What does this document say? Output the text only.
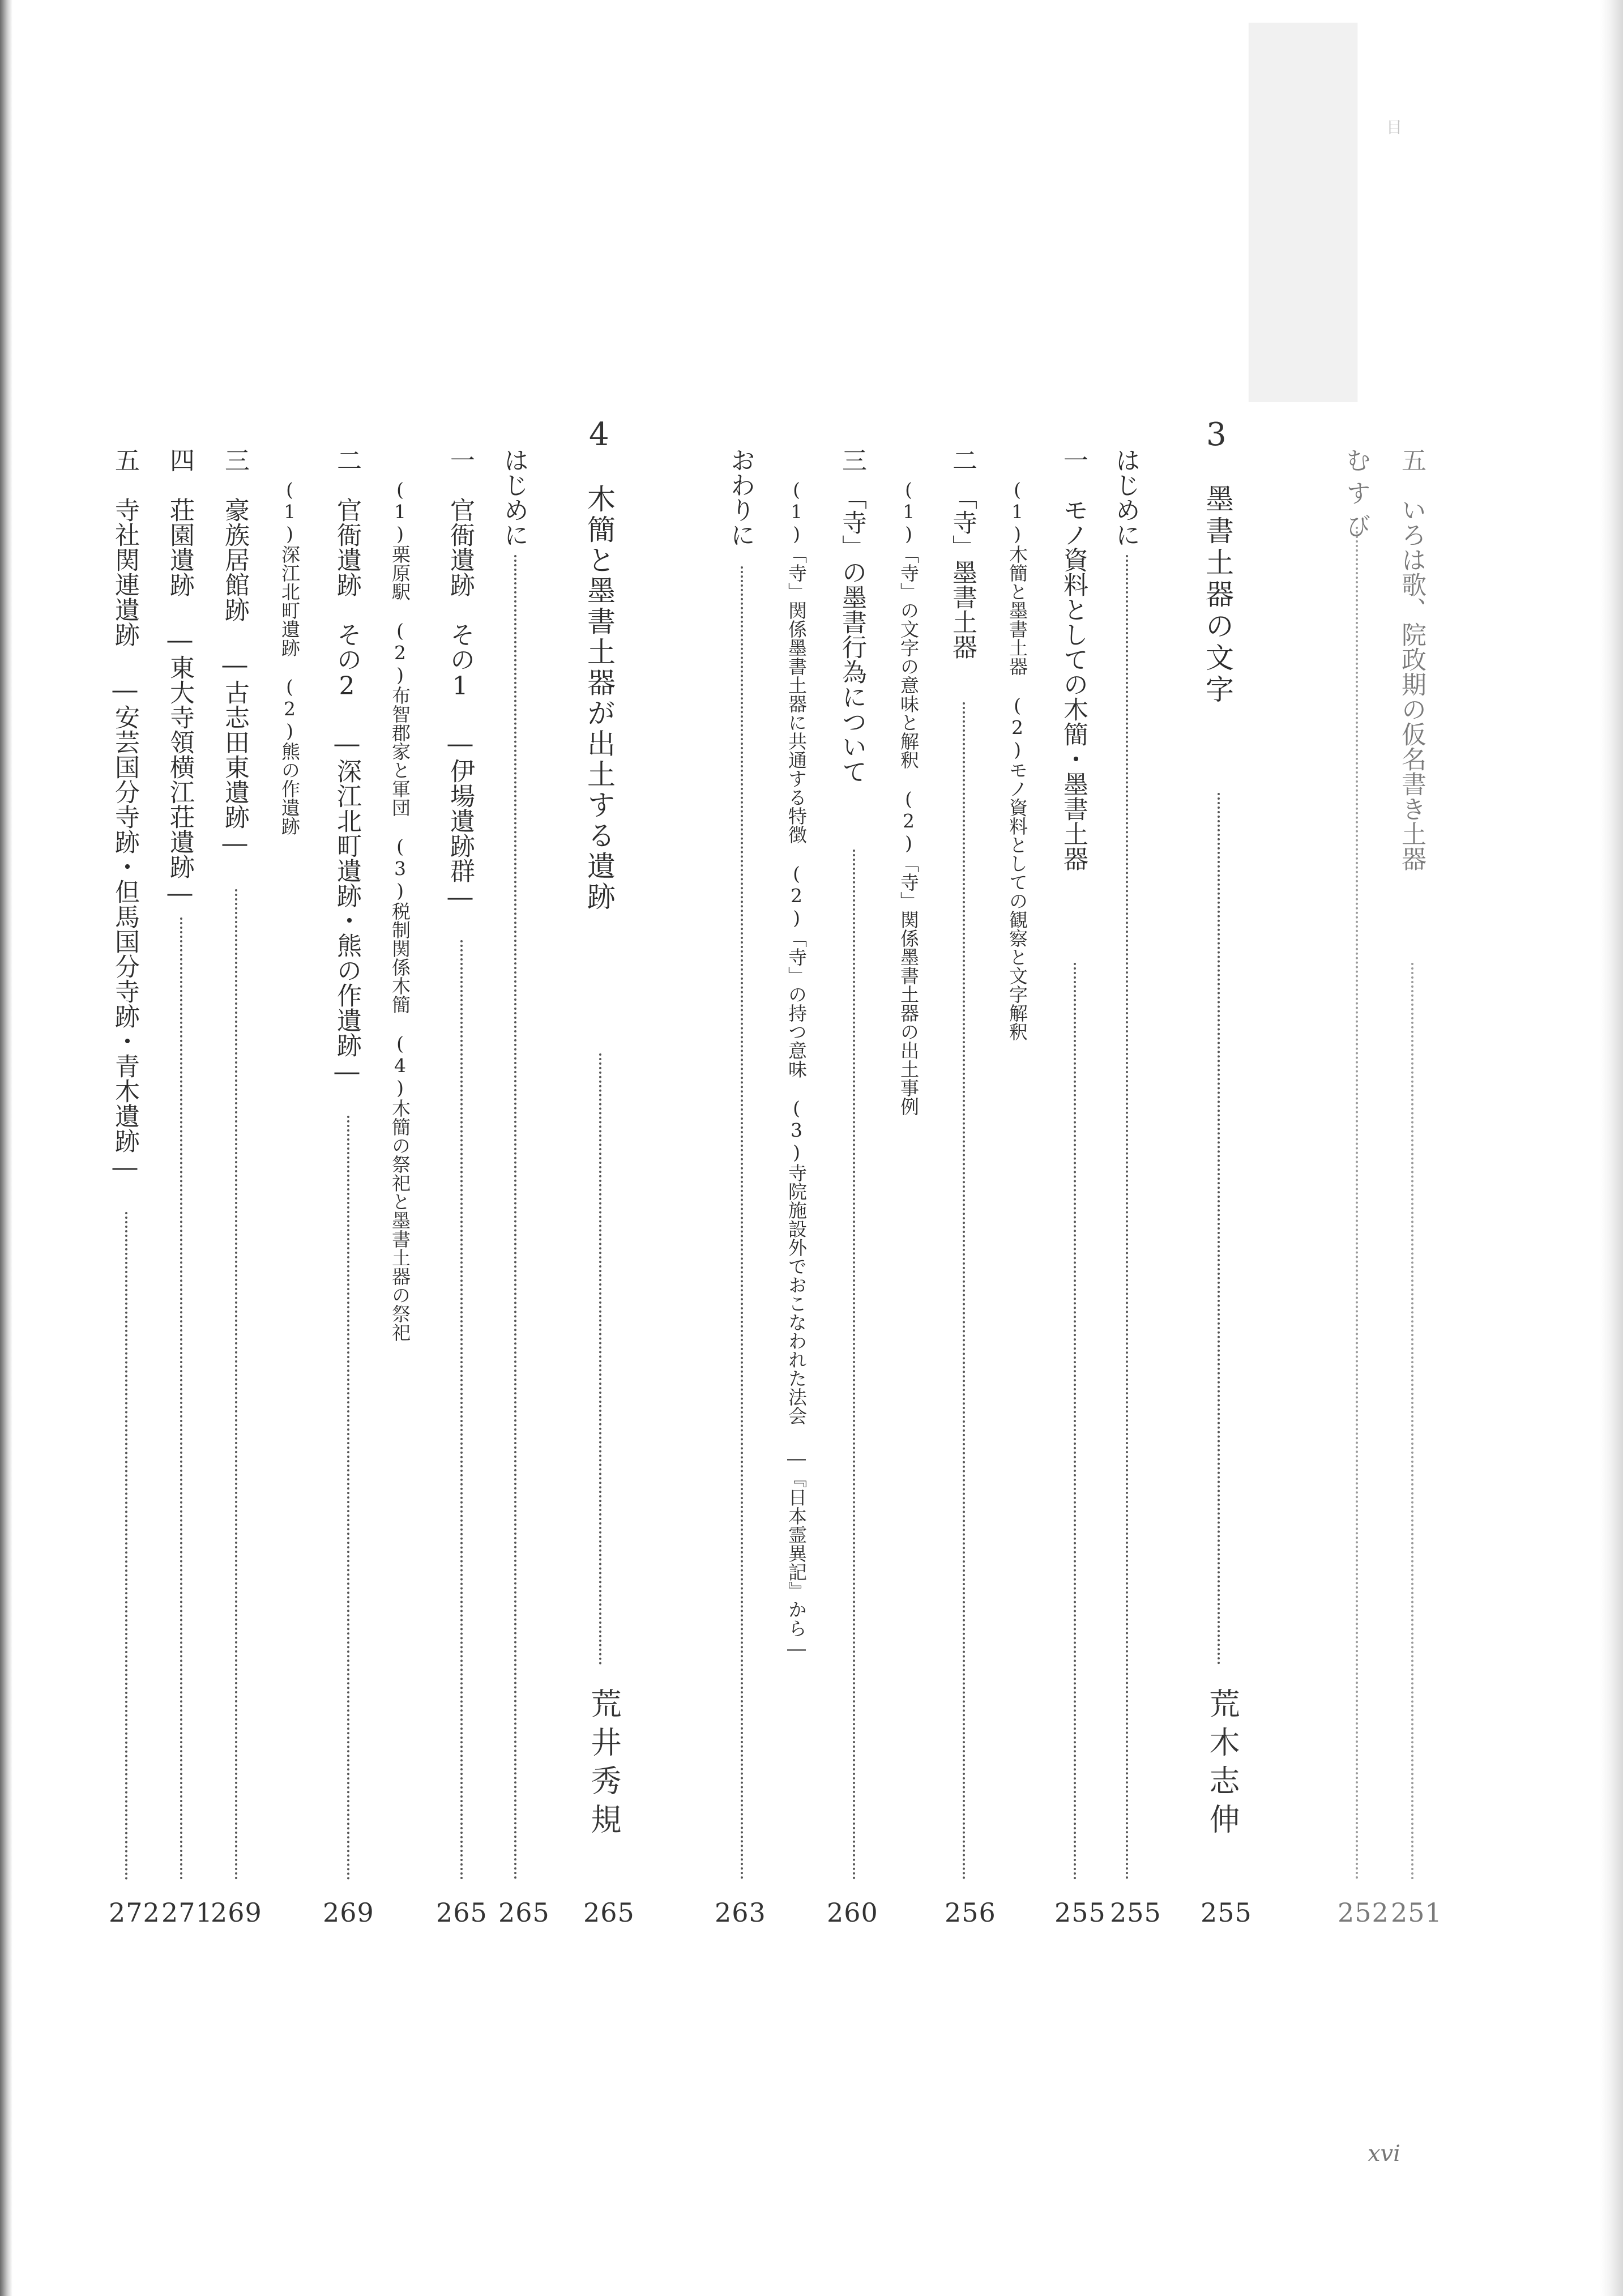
目
五　いろは歌、院政期の仮名書き土器
251
むすび
252
3
墨書土器の文字
荒木志伸
255
はじめに
255
一　モノ資料としての木簡・墨書土器
255
(1)木簡と墨書土器　(2)モノ資料としての観察と文字解釈
二　「寺」墨書土器
256
(1)「寺」の文字の意味と解釈　(2)「寺」関係墨書土器の出土事例
三　「寺」の墨書行為について
260
(1)「寺」関係墨書土器に共通する特徴　(2)「寺」の持つ意味　(3)寺院施設外でおこなわれた法会 ―『日本霊異記』から―
おわりに
263
4
木簡と墨書土器が出土する遺跡
荒井秀規
265
はじめに
265
一　官衙遺跡　その1 ―伊場遺跡群―
265
(1)栗原駅　(2)布智郡家と軍団　(3)税制関係木簡　(4)木簡の祭祀と墨書土器の祭祀
二　官衙遺跡　その2 ―深江北町遺跡・熊の作遺跡―
269
(1)深江北町遺跡　(2)熊の作遺跡
三　豪族居館跡 ―古志田東遺跡―
269
四　荘園遺跡 ―東大寺領横江荘遺跡―
271
五　寺社関連遺跡 ―安芸国分寺跡・但馬国分寺跡・青木遺跡―
272
xvi
